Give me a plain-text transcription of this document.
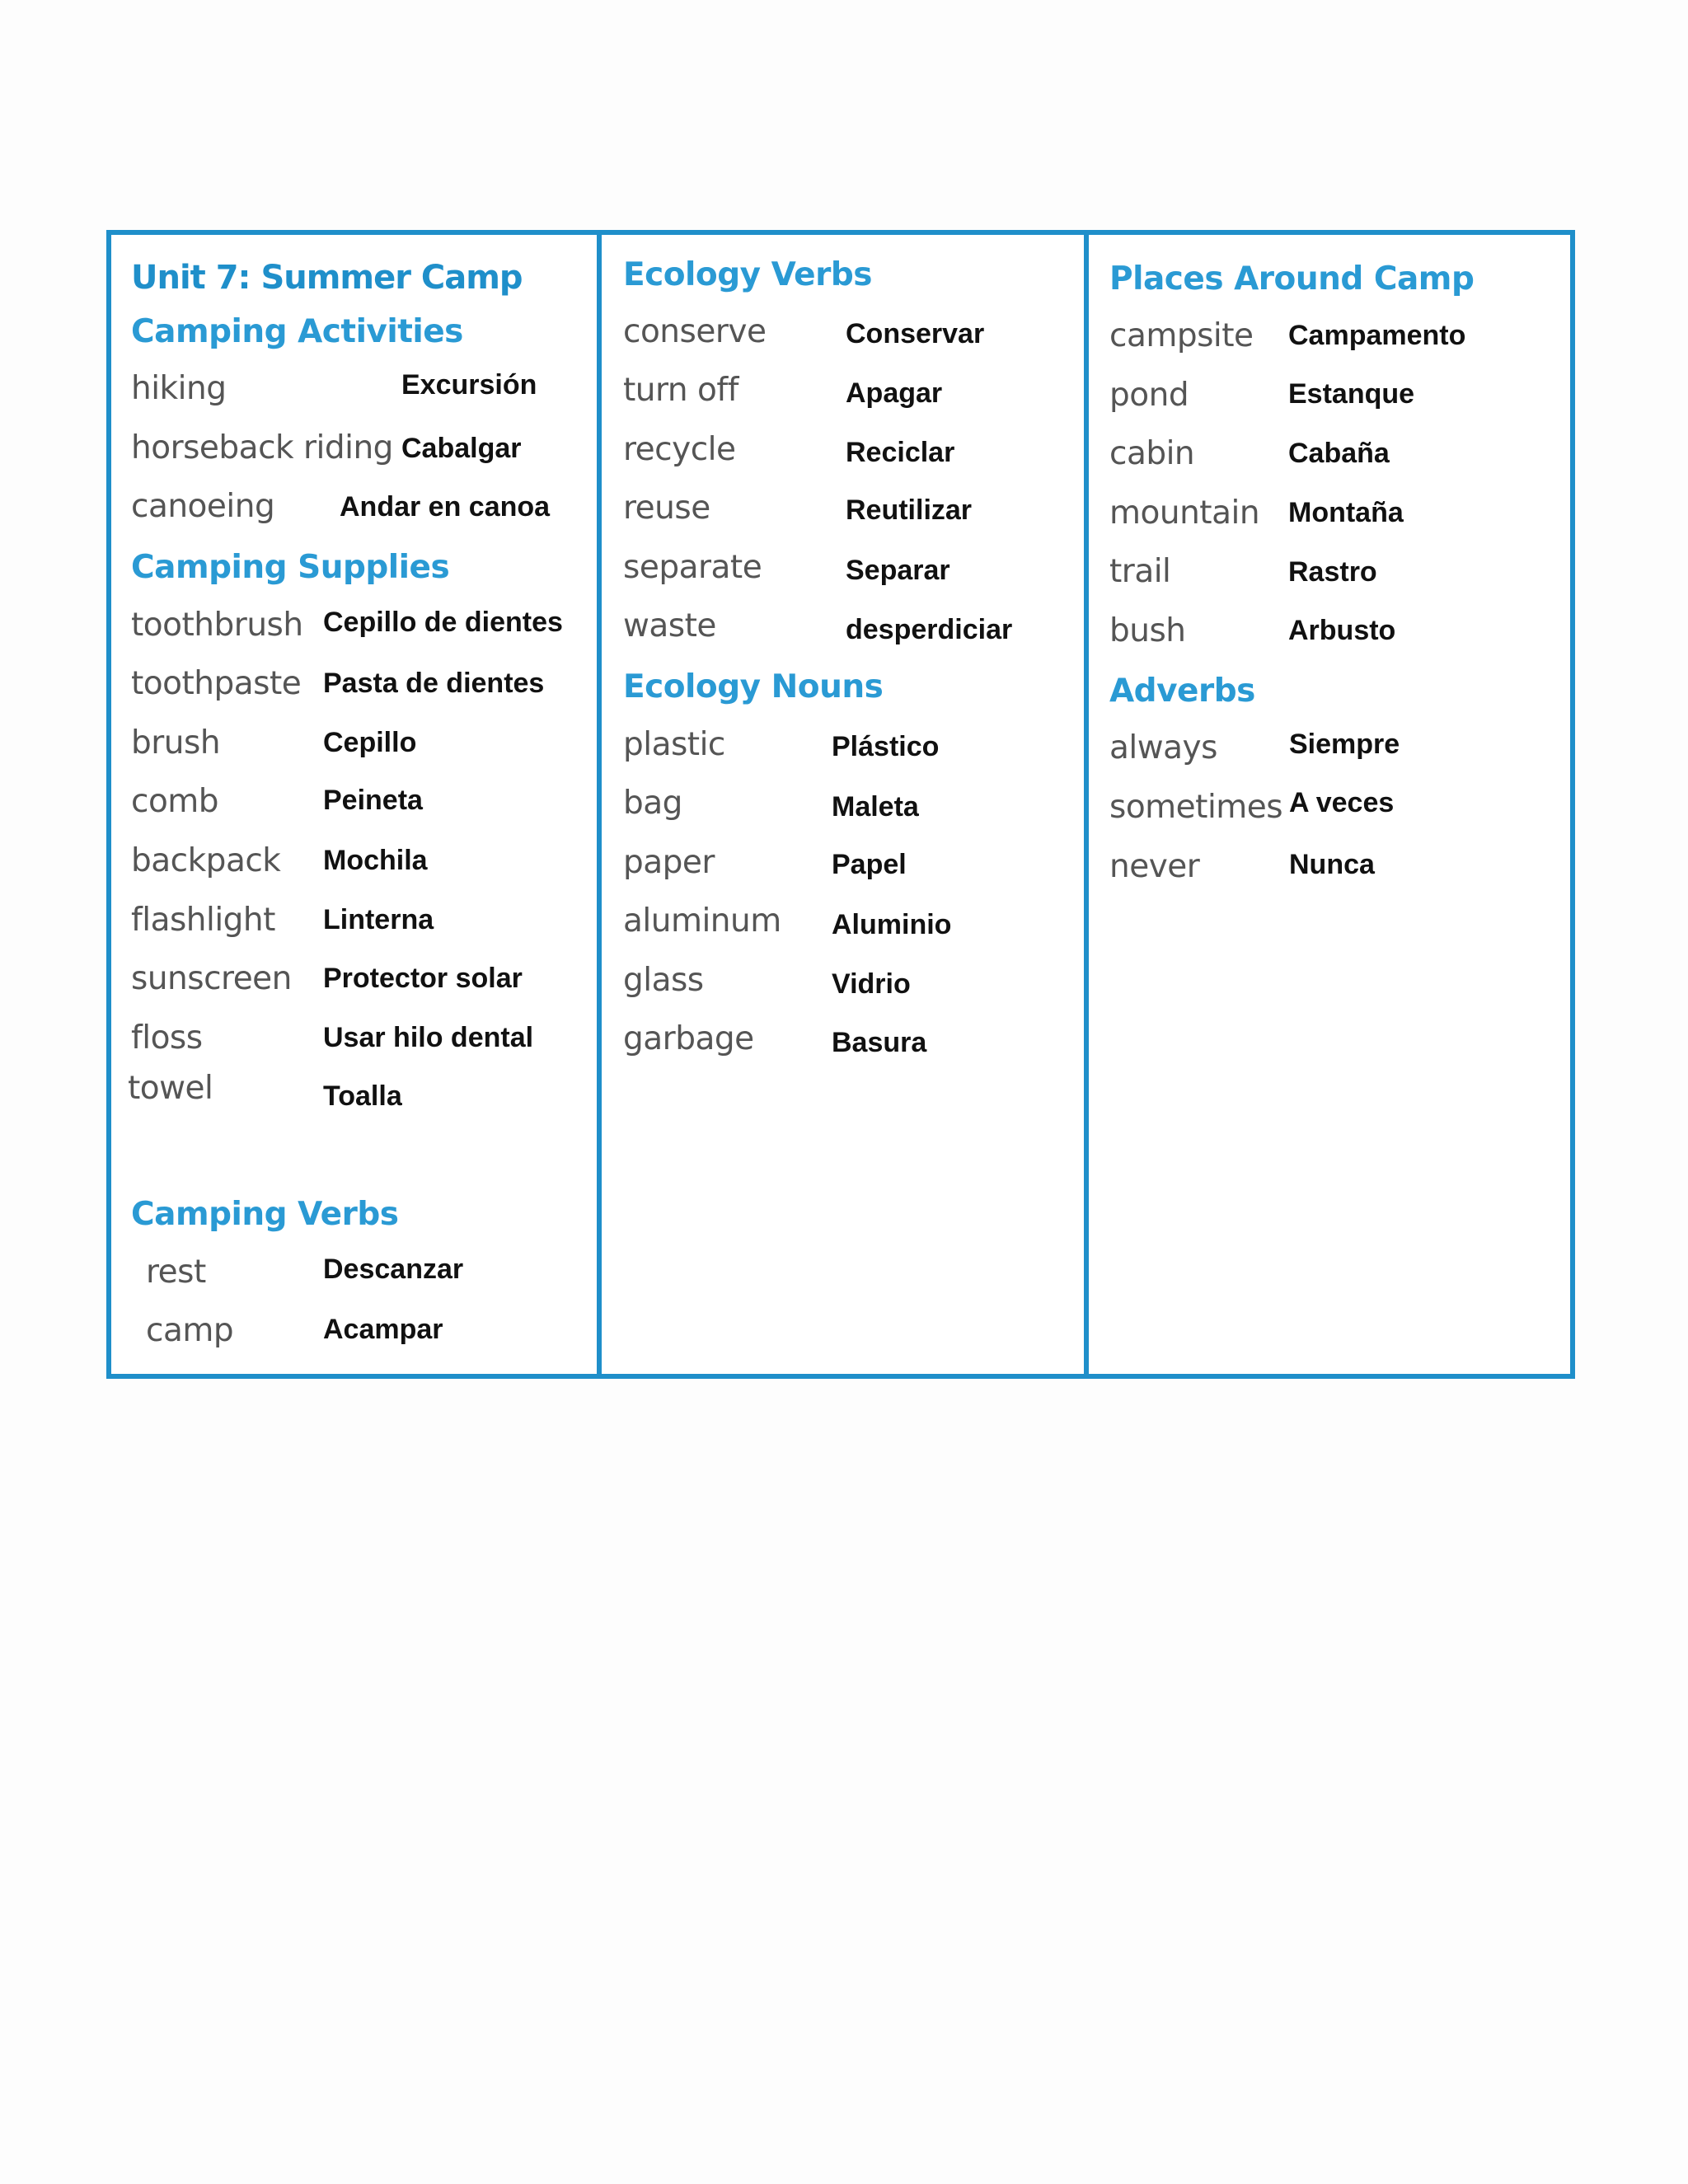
Unit 7: Summer Camp
Camping Activities
hiking	Excursión
horseback riding Cabalgar
canoeing Andar en canoa
Camping Supplies
toothbrush Cepillo de dientes
toothpaste Pasta de dientes
brush	Cepillo
comb	Peineta
backpack Mochila
flashlight Linterna
sunscreen Protector solar
floss	Usar hilo dental
towel	Toalla
Camping Verbs
rest	Descanzar
camp	Acampar
Ecology Verbs
conserve	Conservar
turn off	Apagar
recycle	Reciclar
reuse	Reutilizar
separate	Separar
waste	desperdiciar
Ecology Nouns
plastic	Plástico
bag	Maleta
paper	Papel
aluminum Aluminio
glass	Vidrio
garbage	Basura
Places Around Camp
campsite Campamento
pond	Estanque
cabin	Cabaña
mountain Montaña
trail	Rastro
bush	Arbusto
Adverbs
always	Siempre
sometimes A veces
never	Nunca
